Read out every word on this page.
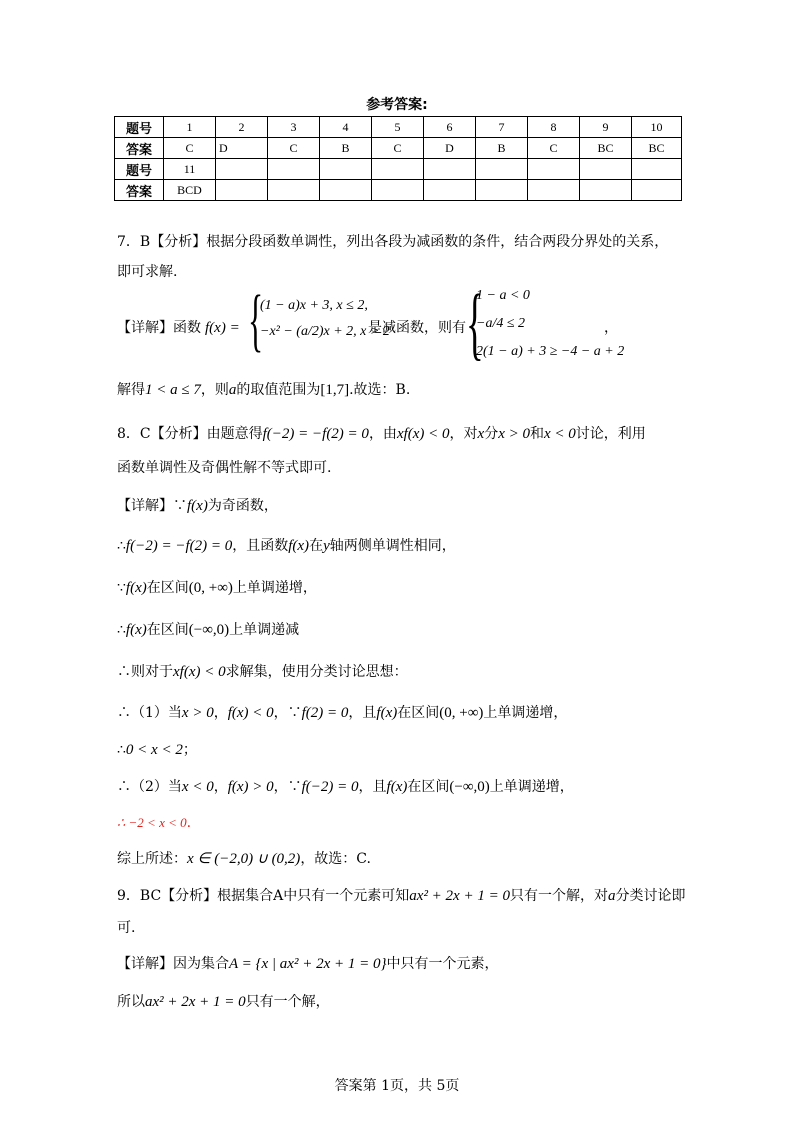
参考答案:
题号	1	2	3	4	5	6	7	8	9	10
答案	C	D	C	B	C	D	B	C	BC	BC
题号	11									
答案	BCD									
7．B【分析】根据分段函数单调性，列出各段为减函数的条件，结合两段分界处的关系，
即可求解.
【详解】函数 f(x) = {
(1 − a)x + 3, x ≤ 2,
−x² − (a/2)x + 2, x > 2
是减函数，则有 {
1 − a < 0
−a/4 ≤ 2
2(1 − a) + 3 ≥ −4 − a + 2
，
解得1 < a ≤ 7，则a的取值范围为[1,7].故选：B.
8．C【分析】由题意得f(−2) = −f(2) = 0，由xf(x) < 0，对x分x > 0和x < 0讨论，利用
函数单调性及奇偶性解不等式即可.
【详解】∵f(x)为奇函数，
∴f(−2) = −f(2) = 0，且函数f(x)在y轴两侧单调性相同，
∵f(x)在区间(0, +∞)上单调递增，
∴f(x)在区间(−∞,0)上单调递减
∴则对于xf(x) < 0求解集，使用分类讨论思想：
∴（1）当x > 0，f(x) < 0，∵f(2) = 0，且f(x)在区间(0, +∞)上单调递增，
∴0 < x < 2；
∴（2）当x < 0，f(x) > 0，∵f(−2) = 0，且f(x)在区间(−∞,0)上单调递增，
∴ −2 < x < 0.
综上所述：x ∈ (−2,0) ∪ (0,2)，故选：C.
9．BC【分析】根据集合A中只有一个元素可知ax² + 2x + 1 = 0只有一个解，对a分类讨论即
可.
【详解】因为集合A = {x | ax² + 2x + 1 = 0}中只有一个元素，
所以ax² + 2x + 1 = 0只有一个解，
答案第 1页，共 5页
